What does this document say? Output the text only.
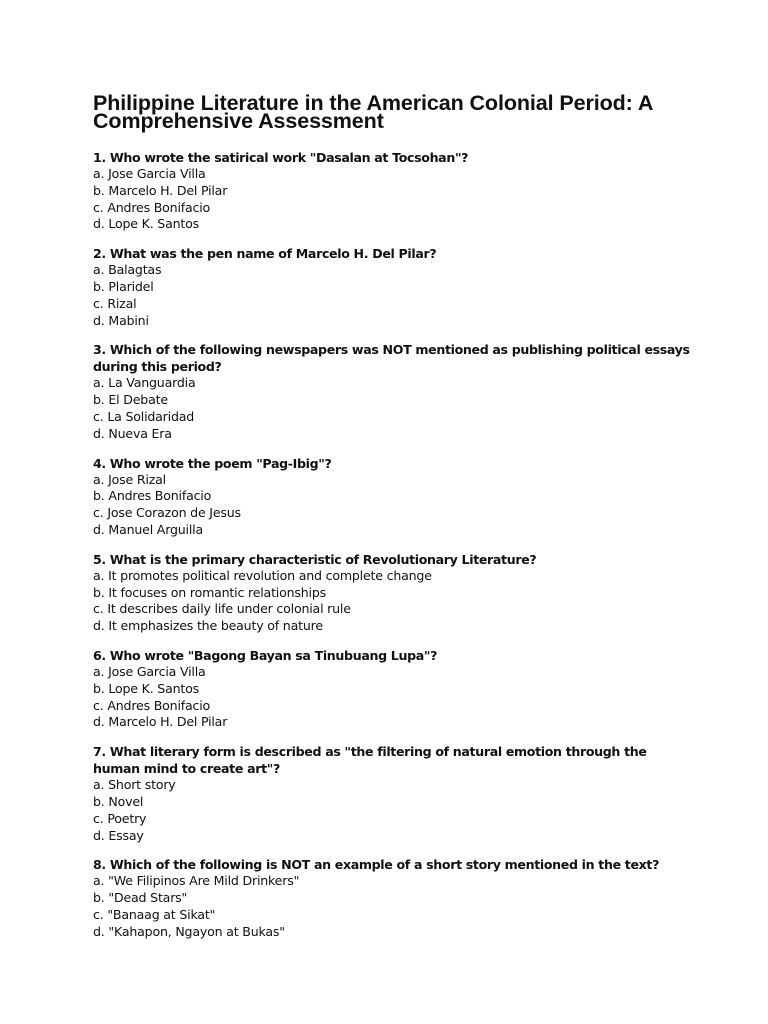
Philippine Literature in the American Colonial Period: A Comprehensive Assessment
1. Who wrote the satirical work "Dasalan at Tocsohan"?
a. Jose Garcia Villa
b. Marcelo H. Del Pilar
c. Andres Bonifacio
d. Lope K. Santos
2. What was the pen name of Marcelo H. Del Pilar?
a. Balagtas
b. Plaridel
c. Rizal
d. Mabini
3. Which of the following newspapers was NOT mentioned as publishing political essays during this period?
a. La Vanguardia
b. El Debate
c. La Solidaridad
d. Nueva Era
4. Who wrote the poem "Pag-Ibig"?
a. Jose Rizal
b. Andres Bonifacio
c. Jose Corazon de Jesus
d. Manuel Arguilla
5. What is the primary characteristic of Revolutionary Literature?
a. It promotes political revolution and complete change
b. It focuses on romantic relationships
c. It describes daily life under colonial rule
d. It emphasizes the beauty of nature
6. Who wrote "Bagong Bayan sa Tinubuang Lupa"?
a. Jose Garcia Villa
b. Lope K. Santos
c. Andres Bonifacio
d. Marcelo H. Del Pilar
7. What literary form is described as "the filtering of natural emotion through the human mind to create art"?
a. Short story
b. Novel
c. Poetry
d. Essay
8. Which of the following is NOT an example of a short story mentioned in the text?
a. "We Filipinos Are Mild Drinkers"
b. "Dead Stars"
c. "Banaag at Sikat"
d. "Kahapon, Ngayon at Bukas"
